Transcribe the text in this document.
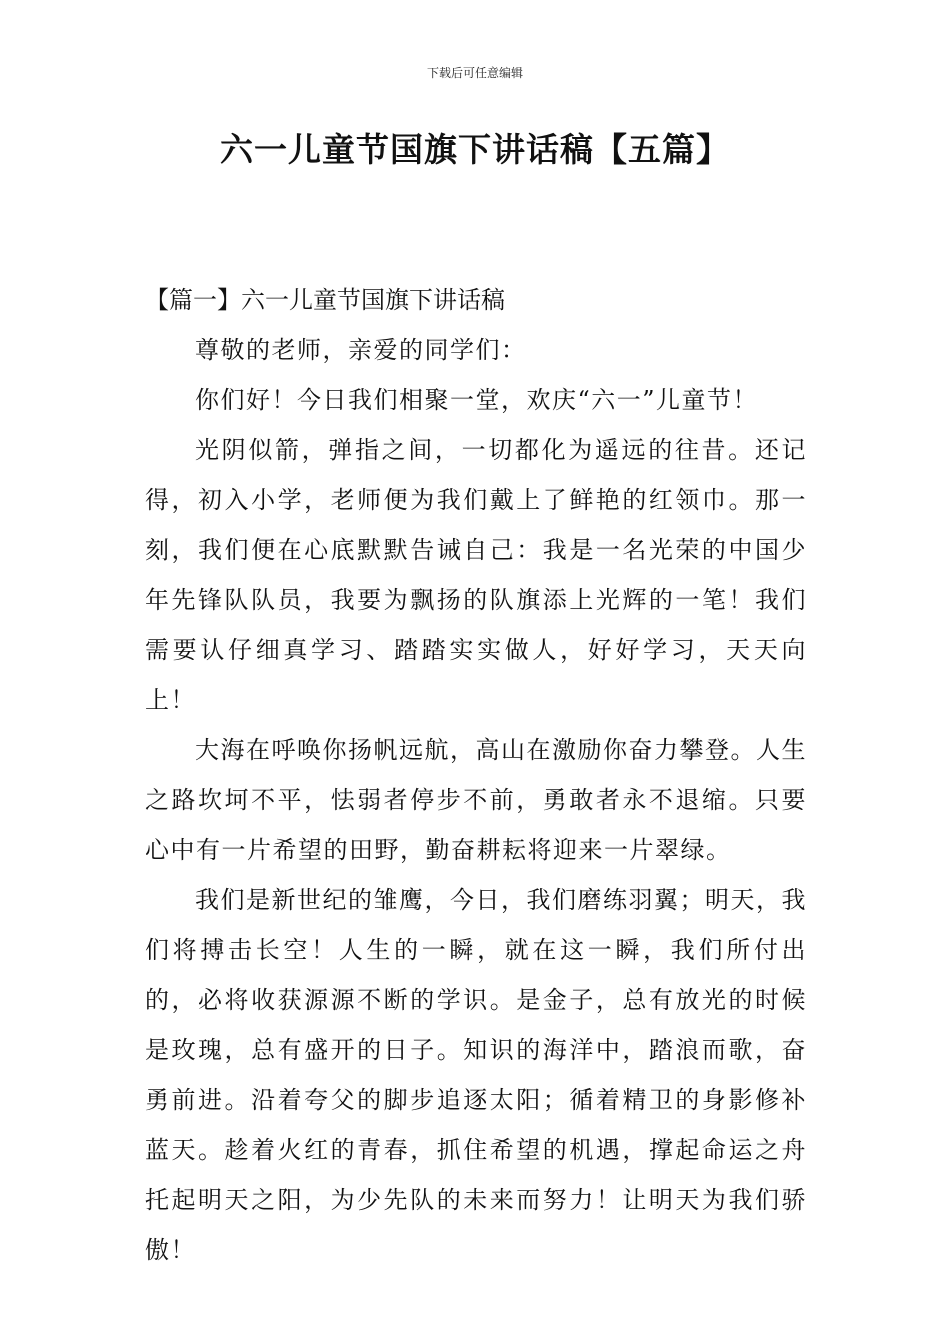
下载后可任意编辑
六一儿童节国旗下讲话稿【五篇】
【篇一】六一儿童节国旗下讲话稿

尊敬的老师，亲爱的同学们：

你们好！今日我们相聚一堂，欢庆“六一”儿童节！

光阴似箭，弹指之间，一切都化为遥远的往昔。还记得，初入小学，老师便为我们戴上了鲜艳的红领巾。那一刻，我们便在心底默默告诫自己：我是一名光荣的中国少年先锋队队员，我要为飘扬的队旗添上光辉的一笔！我们需要认仔细真学习、踏踏实实做人，好好学习，天天向上！

大海在呼唤你扬帆远航，高山在激励你奋力攀登。人生之路坎坷不平，怯弱者停步不前，勇敢者永不退缩。只要心中有一片希望的田野，勤奋耕耘将迎来一片翠绿。

我们是新世纪的雏鹰，今日，我们磨练羽翼；明天，我们将搏击长空！人生的一瞬，就在这一瞬，我们所付出的，必将收获源源不断的学识。是金子，总有放光的时候是玫瑰，总有盛开的日子。知识的海洋中，踏浪而歌，奋勇前进。沿着夸父的脚步追逐太阳；循着精卫的身影修补蓝天。趁着火红的青春，抓住希望的机遇，撑起命运之舟托起明天之阳，为少先队的未来而努力！让明天为我们骄傲！
